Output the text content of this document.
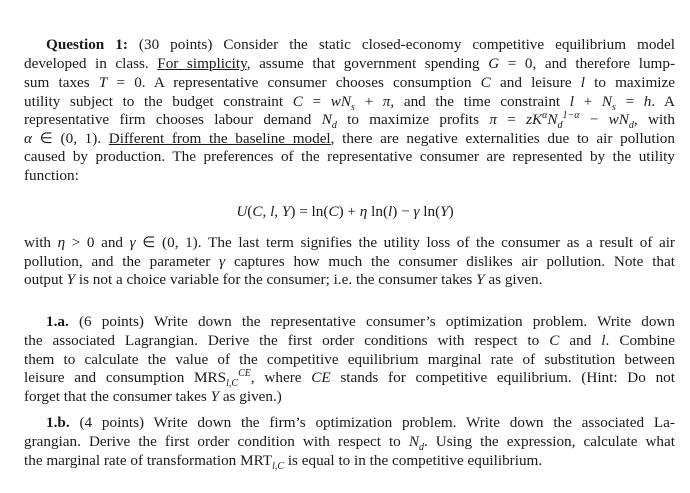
Question 1: (30 points) Consider the static closed-economy competitive equilibrium model
developed in class. For simplicity, assume that government spending G = 0, and therefore lump-
sum taxes T = 0. A representative consumer chooses consumption C and leisure l to maximize
utility subject to the budget constraint $C = wN_s + \pi$, and the time constraint $l + N_s = h$. A
representative firm chooses labour demand $N_d$ to maximize profits $\pi = zK^\alpha N_d^{1-\alpha} - wN_d$, with
α ∈ (0, 1). Different from the baseline model, there are negative externalities due to air pollution
caused by production. The preferences of the representative consumer are represented by the utility
function:
U(C, l, Y) = ln(C) + η ln(l) − γ ln(Y)
with η > 0 and γ ∈ (0, 1). The last term signifies the utility loss of the consumer as a result of air
pollution, and the parameter γ captures how much the consumer dislikes air pollution. Note that
output Y is not a choice variable for the consumer; i.e. the consumer takes Y as given.
1.a. (6 points) Write down the representative consumer’s optimization problem. Write down
the associated Lagrangian. Derive the first order conditions with respect to C and l. Combine
them to calculate the value of the competitive equilibrium marginal rate of substitution between
leisure and consumption $MRS_{l,C}^{CE}$, where CE stands for competitive equilibrium. (Hint: Do not
forget that the consumer takes Y as given.)
1.b. (4 points) Write down the firm’s optimization problem. Write down the associated La-
grangian. Derive the first order condition with respect to $N_d$. Using the expression, calculate what
the marginal rate of transformation $MRT_{l,C}$ is equal to in the competitive equilibrium.
